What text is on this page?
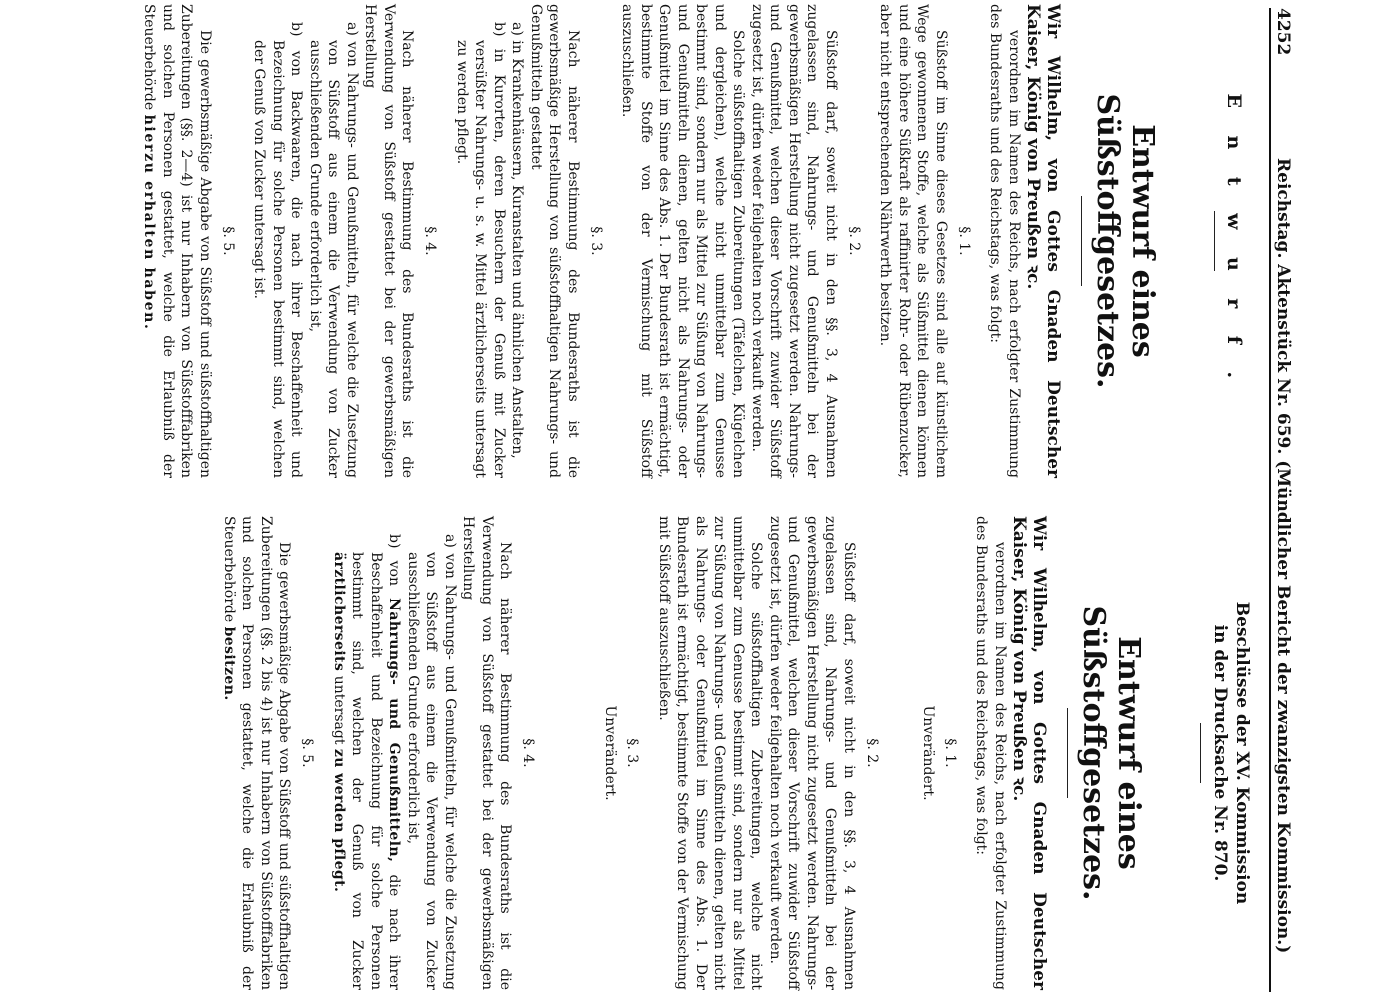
4252
Reichstag. Aktenstück Nr. 659. (Mündlicher Bericht der zwanzigsten Kommission.)
E n t w u r f .
Entwurf eines Süßstoffgesetzes.
Wir Wilhelm, von Gottes Gnaden Deutscher Kaiser, König von Preußen ꝛc.

verordnen im Namen des Reichs, nach erfolgter Zustimmung des Bundesraths und des Reichstags, was folgt:

§. 1.

Süßstoff im Sinne dieses Gesetzes sind alle auf künstlichem Wege gewonnenen Stoffe, welche als Süßmittel dienen können und eine höhere Süßkraft als raffinirter Rohr- oder Rübenzucker, aber nicht entsprechenden Nährwerth besitzen.

§. 2.

Süßstoff darf, soweit nicht in den §§. 3, 4 Ausnahmen zugelassen sind, Nahrungs- und Genußmitteln bei der gewerbsmäßigen Herstellung nicht zugesetzt werden. Nahrungs- und Genußmittel, welchen dieser Vorschrift zuwider Süßstoff zugesetzt ist, dürfen weder feilgehalten noch verkauft werden.

Solche süßstoffhaltigen Zubereitungen (Täfelchen, Kügelchen und dergleichen), welche nicht unmittelbar zum Genusse bestimmt sind, sondern nur als Mittel zur Süßung von Nahrungs- und Genußmitteln dienen, gelten nicht als Nahrungs- oder Genußmittel im Sinne des Abs. 1. Der Bundesrath ist ermächtigt, bestimmte Stoffe von der Vermischung mit Süßstoff auszuschließen.

§. 3.

Nach näherer Bestimmung des Bundesraths ist die gewerbsmäßige Herstellung von süßstoffhaltigen Nahrungs- und Genußmitteln gestattet

a) in Krankenhäusern, Kuranstalten und ähnlichen Anstalten,

b) in Kurorten, deren Besuchern der Genuß mit Zucker versüßter Nahrungs- u. s. w. Mittel ärztlicherseits untersagt zu werden pflegt.

§. 4.

Nach näherer Bestimmung des Bundesraths ist die Verwendung von Süßstoff gestattet bei der gewerbsmäßigen Herstellung

a) von Nahrungs- und Genußmitteln, für welche die Zusetzung von Süßstoff aus einem die Verwendung von Zucker ausschließenden Grunde erforderlich ist,

b) von Backwaaren, die nach ihrer Beschaffenheit und Bezeichnung für solche Personen bestimmt sind, welchen der Genuß von Zucker untersagt ist.

§. 5.

Die gewerbsmäßige Abgabe von Süßstoff und süßstoffhaltigen Zubereitungen (§§. 2—4) ist nur Inhabern von Süßstofffabriken und solchen Personen gestattet, welche die Erlaubniß der Steuerbehörde hierzu erhalten haben.

Beschlüsse der XV. Kommission
in der Drucksache Nr. 870.
Entwurf eines Süßstoffgesetzes.
Wir Wilhelm, von Gottes Gnaden Deutscher Kaiser, König von Preußen ꝛc.

verordnen im Namen des Reichs, nach erfolgter Zustimmung des Bundesraths und des Reichstags, was folgt:

§. 1.
Unverändert.
§. 2.

Süßstoff darf, soweit nicht in den §§. 3, 4 Ausnahmen zugelassen sind, Nahrungs- und Genußmitteln bei der gewerbsmäßigen Herstellung nicht zugesetzt werden. Nahrungs- und Genußmittel, welchen dieser Vorschrift zuwider Süßstoff zugesetzt ist, dürfen weder feilgehalten noch verkauft werden.

Solche süßstoffhaltigen Zubereitungen, welche nicht unmittelbar zum Genusse bestimmt sind, sondern nur als Mittel zur Süßung von Nahrungs- und Genußmitteln dienen, gelten nicht als Nahrungs- oder Genußmittel im Sinne des Abs. 1. Der Bundesrath ist ermächtigt, bestimmte Stoffe von der Vermischung mit Süßstoff auszuschließen.

§. 3.
Unverändert.
§. 4.

Nach näherer Bestimmung des Bundesraths ist die Verwendung von Süßstoff gestattet bei der gewerbsmäßigen Herstellung

a) von Nahrungs- und Genußmitteln, für welche die Zusetzung von Süßstoff aus einem die Verwendung von Zucker ausschließenden Grunde erforderlich ist,

b) von Nahrungs- und Genußmitteln, die nach ihrer Beschaffenheit und Bezeichnung für solche Personen bestimmt sind, welchen der Genuß von Zucker ärztlicherseits untersagt zu werden pflegt.

§. 5.

Die gewerbsmäßige Abgabe von Süßstoff und süßstoffhaltigen Zubereitungen (§§. 2 bis 4) ist nur Inhabern von Süßstofffabriken und solchen Personen gestattet, welche die Erlaubniß der Steuerbehörde besitzen.
